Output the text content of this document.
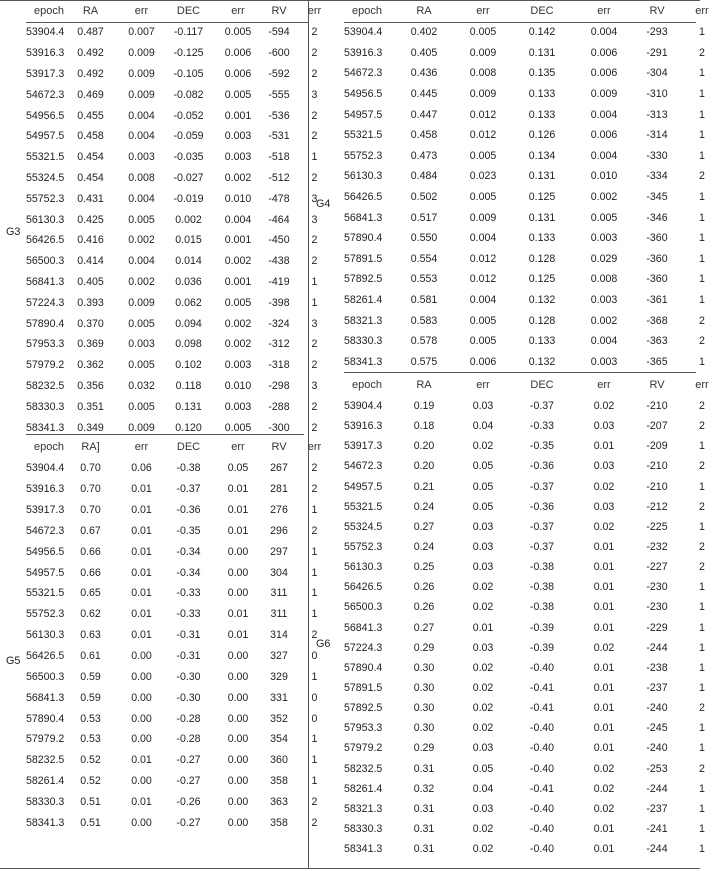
G3
G4
G5
G6
epoch	RA	err	DEC	err	RV	err
53904.4	0.487	0.007	-0.117	0.005	-594	2
53916.3	0.492	0.009	-0.125	0.006	-600	2
53917.3	0.492	0.009	-0.105	0.006	-592	2
54672.3	0.469	0.009	-0.082	0.005	-555	3
54956.5	0.455	0.004	-0.052	0.001	-536	2
54957.5	0.458	0.004	-0.059	0.003	-531	2
55321.5	0.454	0.003	-0.035	0.003	-518	1
55324.5	0.454	0.008	-0.027	0.002	-512	2
55752.3	0.431	0.004	-0.019	0.010	-478	3
56130.3	0.425	0.005	0.002	0.004	-464	3
56426.5	0.416	0.002	0.015	0.001	-450	2
56500.3	0.414	0.004	0.014	0.002	-438	2
56841.3	0.405	0.002	0.036	0.001	-419	1
57224.3	0.393	0.009	0.062	0.005	-398	1
57890.4	0.370	0.005	0.094	0.002	-324	3
57953.3	0.369	0.003	0.098	0.002	-312	2
57979.2	0.362	0.005	0.102	0.003	-318	2
58232.5	0.356	0.032	0.118	0.010	-298	3
58330.3	0.351	0.005	0.131	0.003	-288	2
58341.3	0.349	0.009	0.120	0.005	-300	2
epoch	RA	err	DEC	err	RV	err
53904.4	0.402	0.005	0.142	0.004	-293	1
53916.3	0.405	0.009	0.131	0.006	-291	2
54672.3	0.436	0.008	0.135	0.006	-304	1
54956.5	0.445	0.009	0.133	0.009	-310	1
54957.5	0.447	0.012	0.133	0.004	-313	1
55321.5	0.458	0.012	0.126	0.006	-314	1
55752.3	0.473	0.005	0.134	0.004	-330	1
56130.3	0.484	0.023	0.131	0.010	-334	2
56426.5	0.502	0.005	0.125	0.002	-345	1
56841.3	0.517	0.009	0.131	0.005	-346	1
57890.4	0.550	0.004	0.133	0.003	-360	1
57891.5	0.554	0.012	0.128	0.029	-360	1
57892.5	0.553	0.012	0.125	0.008	-360	1
58261.4	0.581	0.004	0.132	0.003	-361	1
58321.3	0.583	0.005	0.128	0.002	-368	2
58330.3	0.578	0.005	0.133	0.004	-363	2
58341.3	0.575	0.006	0.132	0.003	-365	1
epoch	RA]	err	DEC	err	RV	err
53904.4	0.70	0.06	-0.38	0.05	267	2
53916.3	0.70	0.01	-0.37	0.01	281	2
53917.3	0.70	0.01	-0.36	0.01	276	1
54672.3	0.67	0.01	-0.35	0.01	296	2
54956.5	0.66	0.01	-0.34	0.00	297	1
54957.5	0.66	0.01	-0.34	0.00	304	1
55321.5	0.65	0.01	-0.33	0.00	311	1
55752.3	0.62	0.01	-0.33	0.01	311	1
56130.3	0.63	0.01	-0.31	0.01	314	2
56426.5	0.61	0.00	-0.31	0.00	327	0
56500.3	0.59	0.00	-0.30	0.00	329	1
56841.3	0.59	0.00	-0.30	0.00	331	0
57890.4	0.53	0.00	-0.28	0.00	352	0
57979.2	0.53	0.00	-0.28	0.00	354	1
58232.5	0.52	0.01	-0.27	0.00	360	1
58261.4	0.52	0.00	-0.27	0.00	358	1
58330.3	0.51	0.01	-0.26	0.00	363	2
58341.3	0.51	0.00	-0.27	0.00	358	2
epoch	RA	err	DEC	err	RV	err
53904.4	0.19	0.03	-0.37	0.02	-210	2
53916.3	0.18	0.04	-0.33	0.03	-207	2
53917.3	0.20	0.02	-0.35	0.01	-209	1
54672.3	0.20	0.05	-0.36	0.03	-210	2
54957.5	0.21	0.05	-0.37	0.02	-210	1
55321.5	0.24	0.05	-0.36	0.03	-212	2
55324.5	0.27	0.03	-0.37	0.02	-225	1
55752.3	0.24	0.03	-0.37	0.01	-232	2
56130.3	0.25	0.03	-0.38	0.01	-227	2
56426.5	0.26	0.02	-0.38	0.01	-230	1
56500.3	0.26	0.02	-0.38	0.01	-230	1
56841.3	0.27	0.01	-0.39	0.01	-229	1
57224.3	0.29	0.03	-0.39	0.02	-244	1
57890.4	0.30	0.02	-0.40	0.01	-238	1
57891.5	0.30	0.02	-0.41	0.01	-237	1
57892.5	0.30	0.02	-0.41	0.01	-240	2
57953.3	0.30	0.02	-0.40	0.01	-245	1
57979.2	0.29	0.03	-0.40	0.01	-240	1
58232.5	0.31	0.05	-0.40	0.02	-253	2
58261.4	0.32	0.04	-0.41	0.02	-244	1
58321.3	0.31	0.03	-0.40	0.02	-237	1
58330.3	0.31	0.02	-0.40	0.01	-241	1
58341.3	0.31	0.02	-0.40	0.01	-244	1
